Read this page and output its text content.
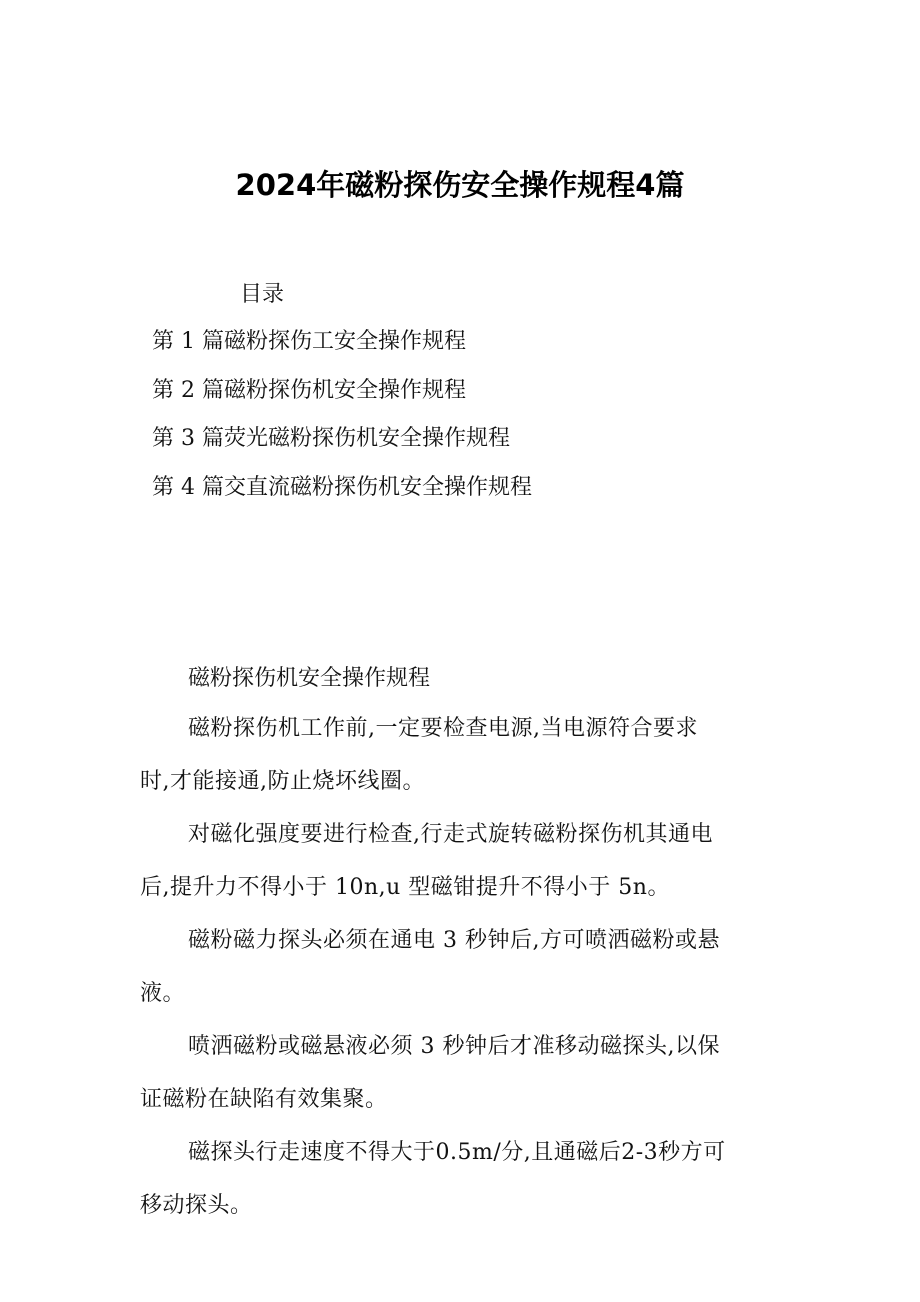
2024年磁粉探伤安全操作规程4篇
目录
第 1 篇磁粉探伤工安全操作规程
第 2 篇磁粉探伤机安全操作规程
第 3 篇荧光磁粉探伤机安全操作规程
第 4 篇交直流磁粉探伤机安全操作规程
磁粉探伤机安全操作规程

磁粉探伤机工作前,一定要检查电源,当电源符合要求
时,才能接通,防止烧坏线圈。

对磁化强度要进行检查,行走式旋转磁粉探伤机其通电
后,提升力不得小于 10n,u 型磁钳提升不得小于 5n。

磁粉磁力探头必须在通电 3 秒钟后,方可喷洒磁粉或悬
液。

喷洒磁粉或磁悬液必须 3 秒钟后才准移动磁探头,以保
证磁粉在缺陷有效集聚。

磁探头行走速度不得大于0.5m/分,且通磁后2-3秒方可
移动探头。
